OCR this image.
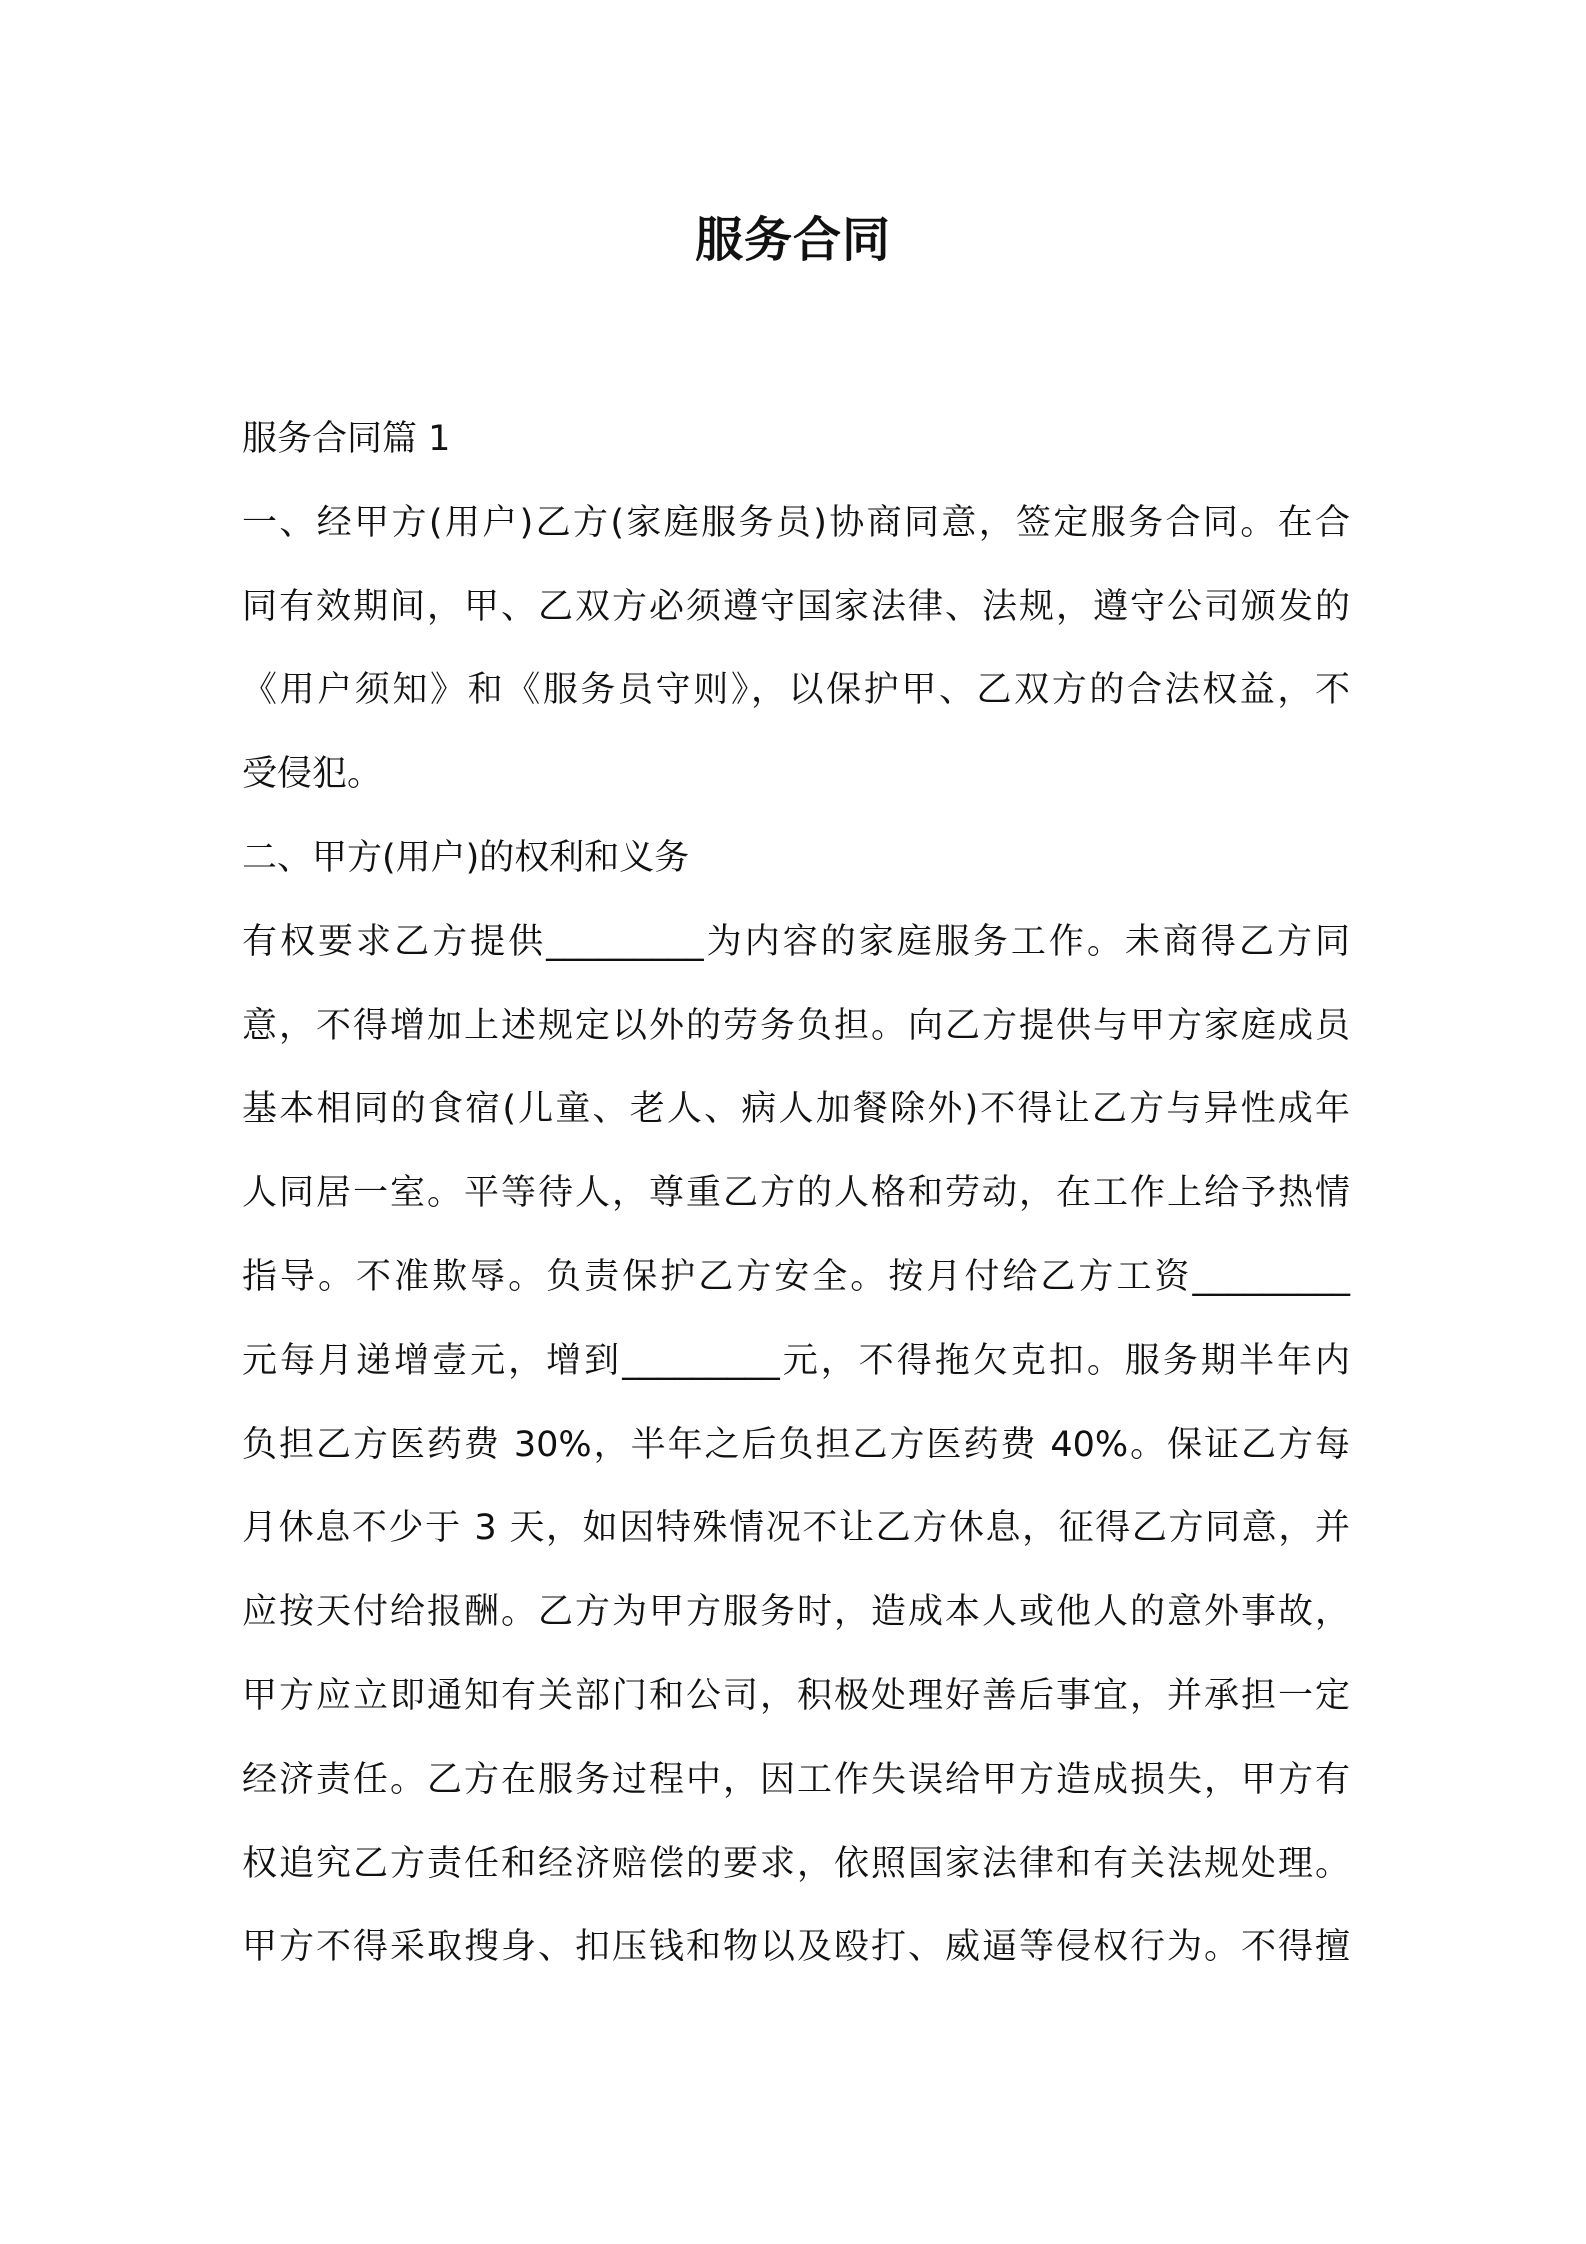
服务合同
服务合同篇 1
一、经甲方(用户)乙方(家庭服务员)协商同意，签定服务合同。在合
同有效期间，甲、乙双方必须遵守国家法律、法规，遵守公司颁发的
《用户须知》和《服务员守则》，以保护甲、乙双方的合法权益，不
受侵犯。
二、甲方(用户)的权利和义务
有权要求乙方提供_________为内容的家庭服务工作。未商得乙方同
意，不得增加上述规定以外的劳务负担。向乙方提供与甲方家庭成员
基本相同的食宿(儿童、老人、病人加餐除外)不得让乙方与异性成年
人同居一室。平等待人，尊重乙方的人格和劳动，在工作上给予热情
指导。不准欺辱。负责保护乙方安全。按月付给乙方工资_________
元每月递增壹元，增到_________元，不得拖欠克扣。服务期半年内
负担乙方医药费 30%，半年之后负担乙方医药费 40%。保证乙方每
月休息不少于 3 天，如因特殊情况不让乙方休息，征得乙方同意，并
应按天付给报酬。乙方为甲方服务时，造成本人或他人的意外事故，
甲方应立即通知有关部门和公司，积极处理好善后事宜，并承担一定
经济责任。乙方在服务过程中，因工作失误给甲方造成损失，甲方有
权追究乙方责任和经济赔偿的要求，依照国家法律和有关法规处理。
甲方不得采取搜身、扣压钱和物以及殴打、威逼等侵权行为。不得擅
